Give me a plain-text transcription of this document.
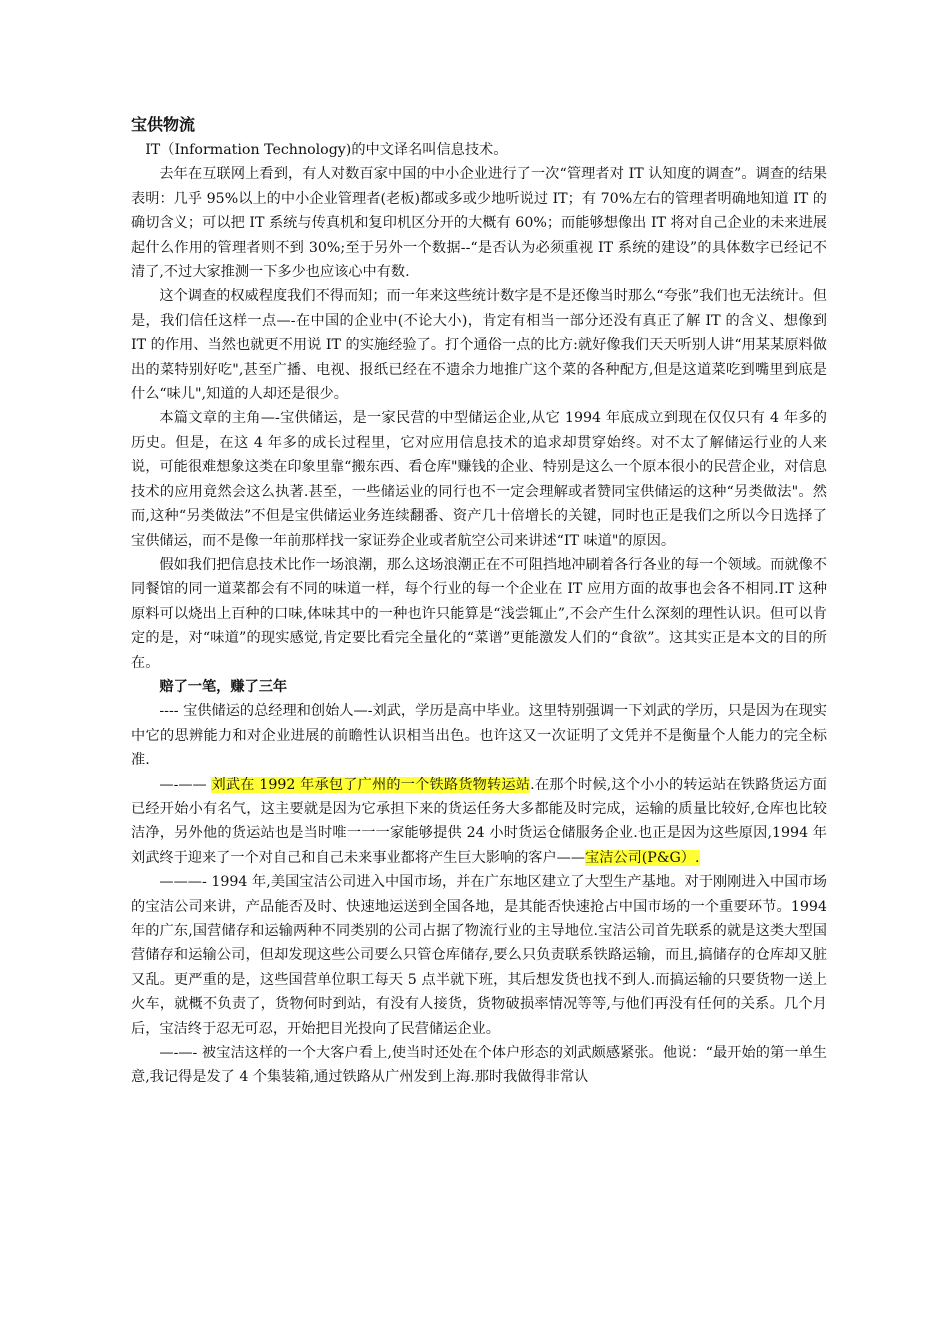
宝供物流

IT（Information Technology)的中文译名叫信息技术。

去年在互联网上看到，有人对数百家中国的中小企业进行了一次“管理者对 IT 认知度的调查”。调查的结果表明：几乎 95%以上的中小企业管理者(老板)都或多或少地听说过 IT；有 70%左右的管理者明确地知道 IT 的确切含义；可以把 IT 系统与传真机和复印机区分开的大概有 60%；而能够想像出 IT 将对自己企业的未来进展起什么作用的管理者则不到 30%;至于另外一个数据--“是否认为必须重视 IT 系统的建设”的具体数字已经记不清了,不过大家推测一下多少也应该心中有数.

这个调查的权威程度我们不得而知；而一年来这些统计数字是不是还像当时那么“夸张”我们也无法统计。但是，我们信任这样一点—-在中国的企业中(不论大小)，肯定有相当一部分还没有真正了解 IT 的含义、想像到 IT 的作用、当然也就更不用说 IT 的实施经验了。打个通俗一点的比方:就好像我们天天听别人讲“用某某原料做出的菜特别好吃",甚至广播、电视、报纸已经在不遗余力地推广这个菜的各种配方,但是这道菜吃到嘴里到底是什么“味儿",知道的人却还是很少。

本篇文章的主角—-宝供储运，是一家民营的中型储运企业,从它 1994 年底成立到现在仅仅只有 4 年多的历史。但是，在这 4 年多的成长过程里，它对应用信息技术的追求却贯穿始终。对不太了解储运行业的人来说，可能很难想象这类在印象里靠“搬东西、看仓库"赚钱的企业、特别是这么一个原本很小的民营企业，对信息技术的应用竟然会这么执著.甚至，一些储运业的同行也不一定会理解或者赞同宝供储运的这种“另类做法"。然而,这种“另类做法”不但是宝供储运业务连续翻番、资产几十倍增长的关键，同时也正是我们之所以今日选择了宝供储运，而不是像一年前那样找一家证券企业或者航空公司来讲述“IT 味道"的原因。

假如我们把信息技术比作一场浪潮，那么这场浪潮正在不可阻挡地冲刷着各行各业的每一个领域。而就像不同餐馆的同一道菜都会有不同的味道一样，每个行业的每一个企业在 IT 应用方面的故事也会各不相同.IT 这种原料可以烧出上百种的口味,体味其中的一种也许只能算是“浅尝辄止”,不会产生什么深刻的理性认识。但可以肯定的是，对“味道”的现实感觉,肯定要比看完全量化的“菜谱”更能激发人们的“食欲”。这其实正是本文的目的所在。

赔了一笔，赚了三年

---- 宝供储运的总经理和创始人—-刘武，学历是高中毕业。这里特别强调一下刘武的学历，只是因为在现实中它的思辨能力和对企业进展的前瞻性认识相当出色。也许这又一次证明了文凭并不是衡量个人能力的完全标准.

—-—— 刘武在 1992 年承包了广州的一个铁路货物转运站.在那个时候,这个小小的转运站在铁路货运方面已经开始小有名气，这主要就是因为它承担下来的货运任务大多都能及时完成，运输的质量比较好,仓库也比较洁净，另外他的货运站也是当时唯一一一家能够提供 24 小时货运仓储服务企业.也正是因为这些原因,1994 年刘武终于迎来了一个对自己和自己未来事业都将产生巨大影响的客户——宝洁公司(P&G）.

———- 1994 年,美国宝洁公司进入中国市场，并在广东地区建立了大型生产基地。对于刚刚进入中国市场的宝洁公司来讲，产品能否及时、快速地运送到全国各地，是其能否快速抢占中国市场的一个重要环节。1994 年的广东,国营储存和运输两种不同类别的公司占据了物流行业的主导地位.宝洁公司首先联系的就是这类大型国营储存和运输公司，但却发现这些公司要么只管仓库储存,要么只负责联系铁路运输，而且,搞储存的仓库却又脏又乱。更严重的是，这些国营单位职工每天 5 点半就下班，其后想发货也找不到人.而搞运输的只要货物一送上火车，就概不负责了，货物何时到站，有没有人接货，货物破损率情况等等,与他们再没有任何的关系。几个月后，宝洁终于忍无可忍，开始把目光投向了民营储运企业。

—-—- 被宝洁这样的一个大客户看上,使当时还处在个体户形态的刘武颇感紧张。他说：“最开始的第一单生意,我记得是发了 4 个集装箱,通过铁路从广州发到上海.那时我做得非常认
